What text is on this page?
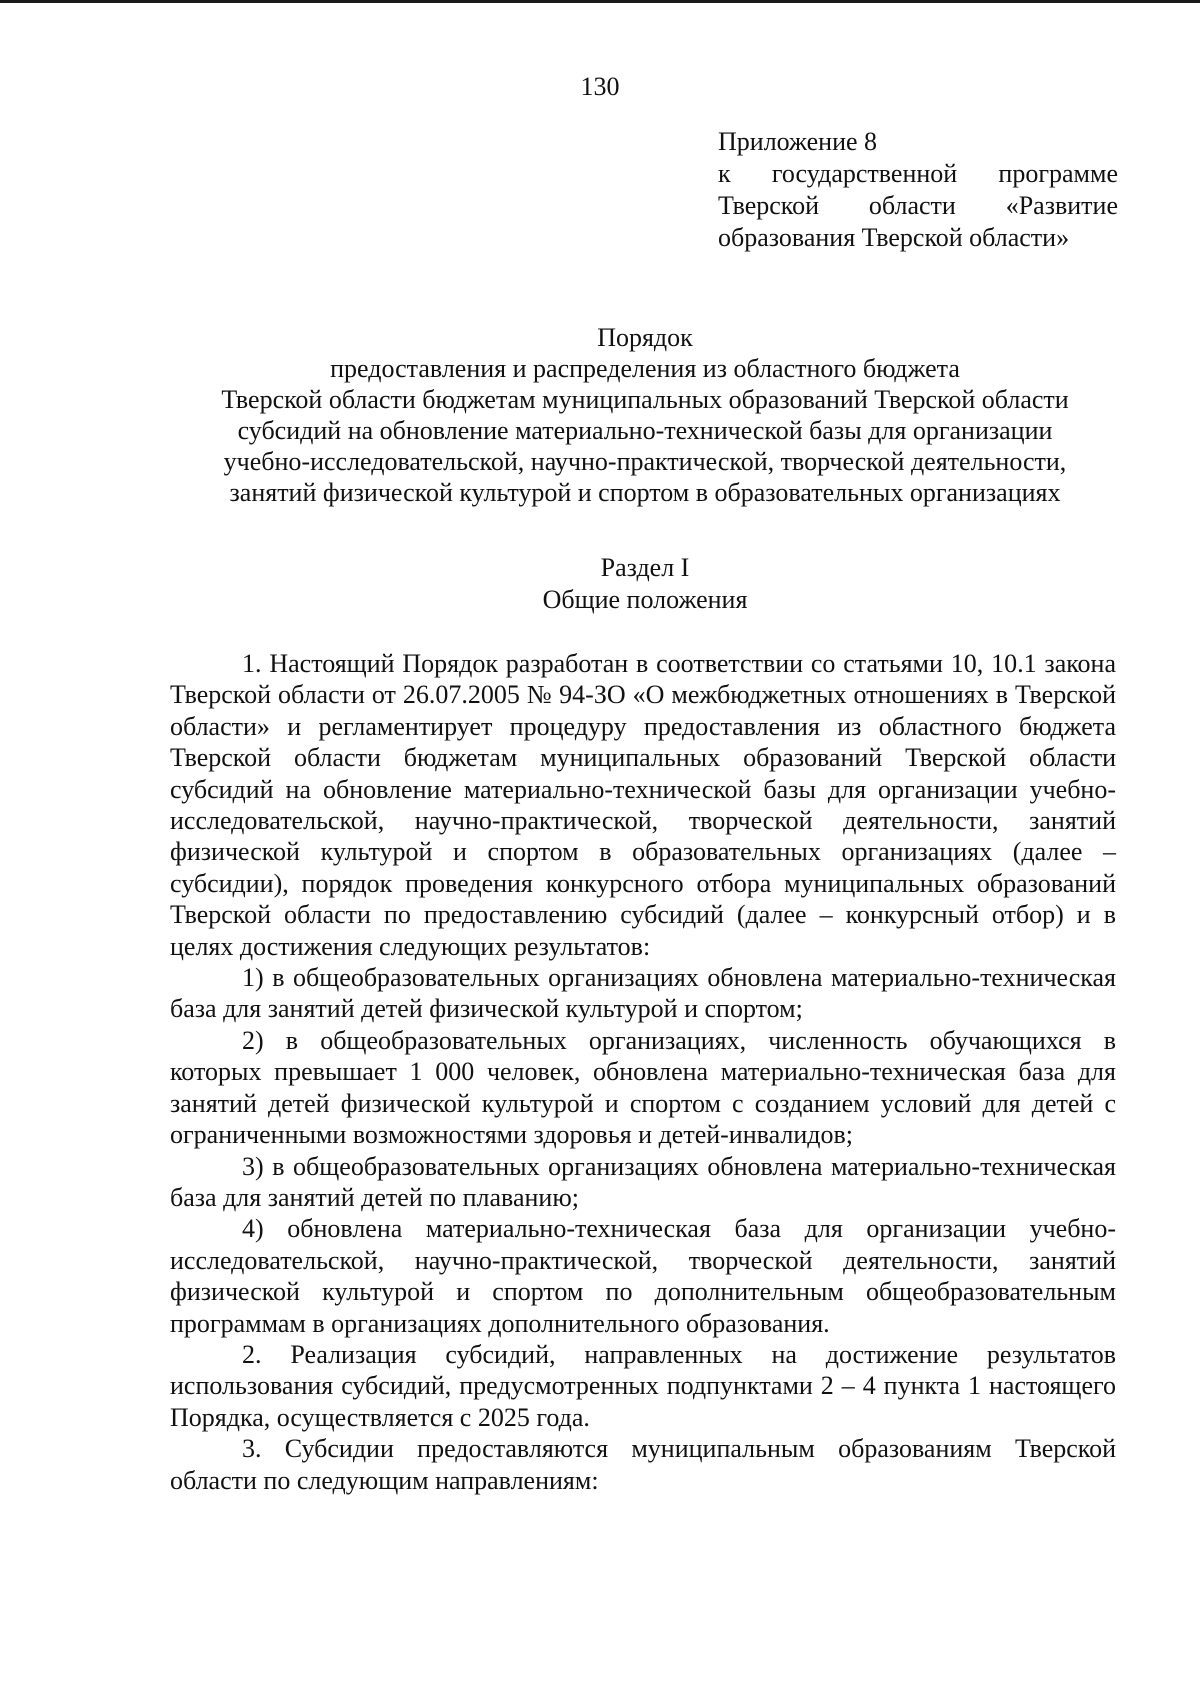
130
Приложение 8
к государственной программе
Тверской области «Развитие
образования Тверской области»
Порядок
предоставления и распределения из областного бюджета
Тверской области бюджетам муниципальных образований Тверской области
субсидий на обновление материально-технической базы для организации
учебно-исследовательской, научно-практической, творческой деятельности,
занятий физической культурой и спортом в образовательных организациях
Раздел I
Общие положения

1. Настоящий Порядок разработан в соответствии со статьями 10, 10.1 закона Тверской области от 26.07.2005 № 94-ЗО «О межбюджетных отношениях в Тверской области» и регламентирует процедуру предоставления из областного бюджета Тверской области бюджетам муниципальных образований Тверской области субсидий на обновление материально-технической базы для организации учебно-исследовательской, научно-практической, творческой деятельности, занятий физической культурой и спортом в образовательных организациях (далее – субсидии), порядок проведения конкурсного отбора муниципальных образований Тверской области по предоставлению субсидий (далее – конкурсный отбор) и в целях достижения следующих результатов:

1) в общеобразовательных организациях обновлена материально-техническая база для занятий детей физической культурой и спортом;

2) в общеобразовательных организациях, численность обучающихся в которых превышает 1 000 человек, обновлена материально-техническая база для занятий детей физической культурой и спортом с созданием условий для детей с ограниченными возможностями здоровья и детей-инвалидов;

3) в общеобразовательных организациях обновлена материально-техническая база для занятий детей по плаванию;

4) обновлена материально-техническая база для организации учебно-исследовательской, научно-практической, творческой деятельности, занятий физической культурой и спортом по дополнительным общеобразовательным программам в организациях дополнительного образования.

2. Реализация субсидий, направленных на достижение результатов использования субсидий, предусмотренных подпунктами 2 – 4 пункта 1 настоящего Порядка, осуществляется с 2025 года.

3. Субсидии предоставляются муниципальным образованиям Тверской области по следующим направлениям:
